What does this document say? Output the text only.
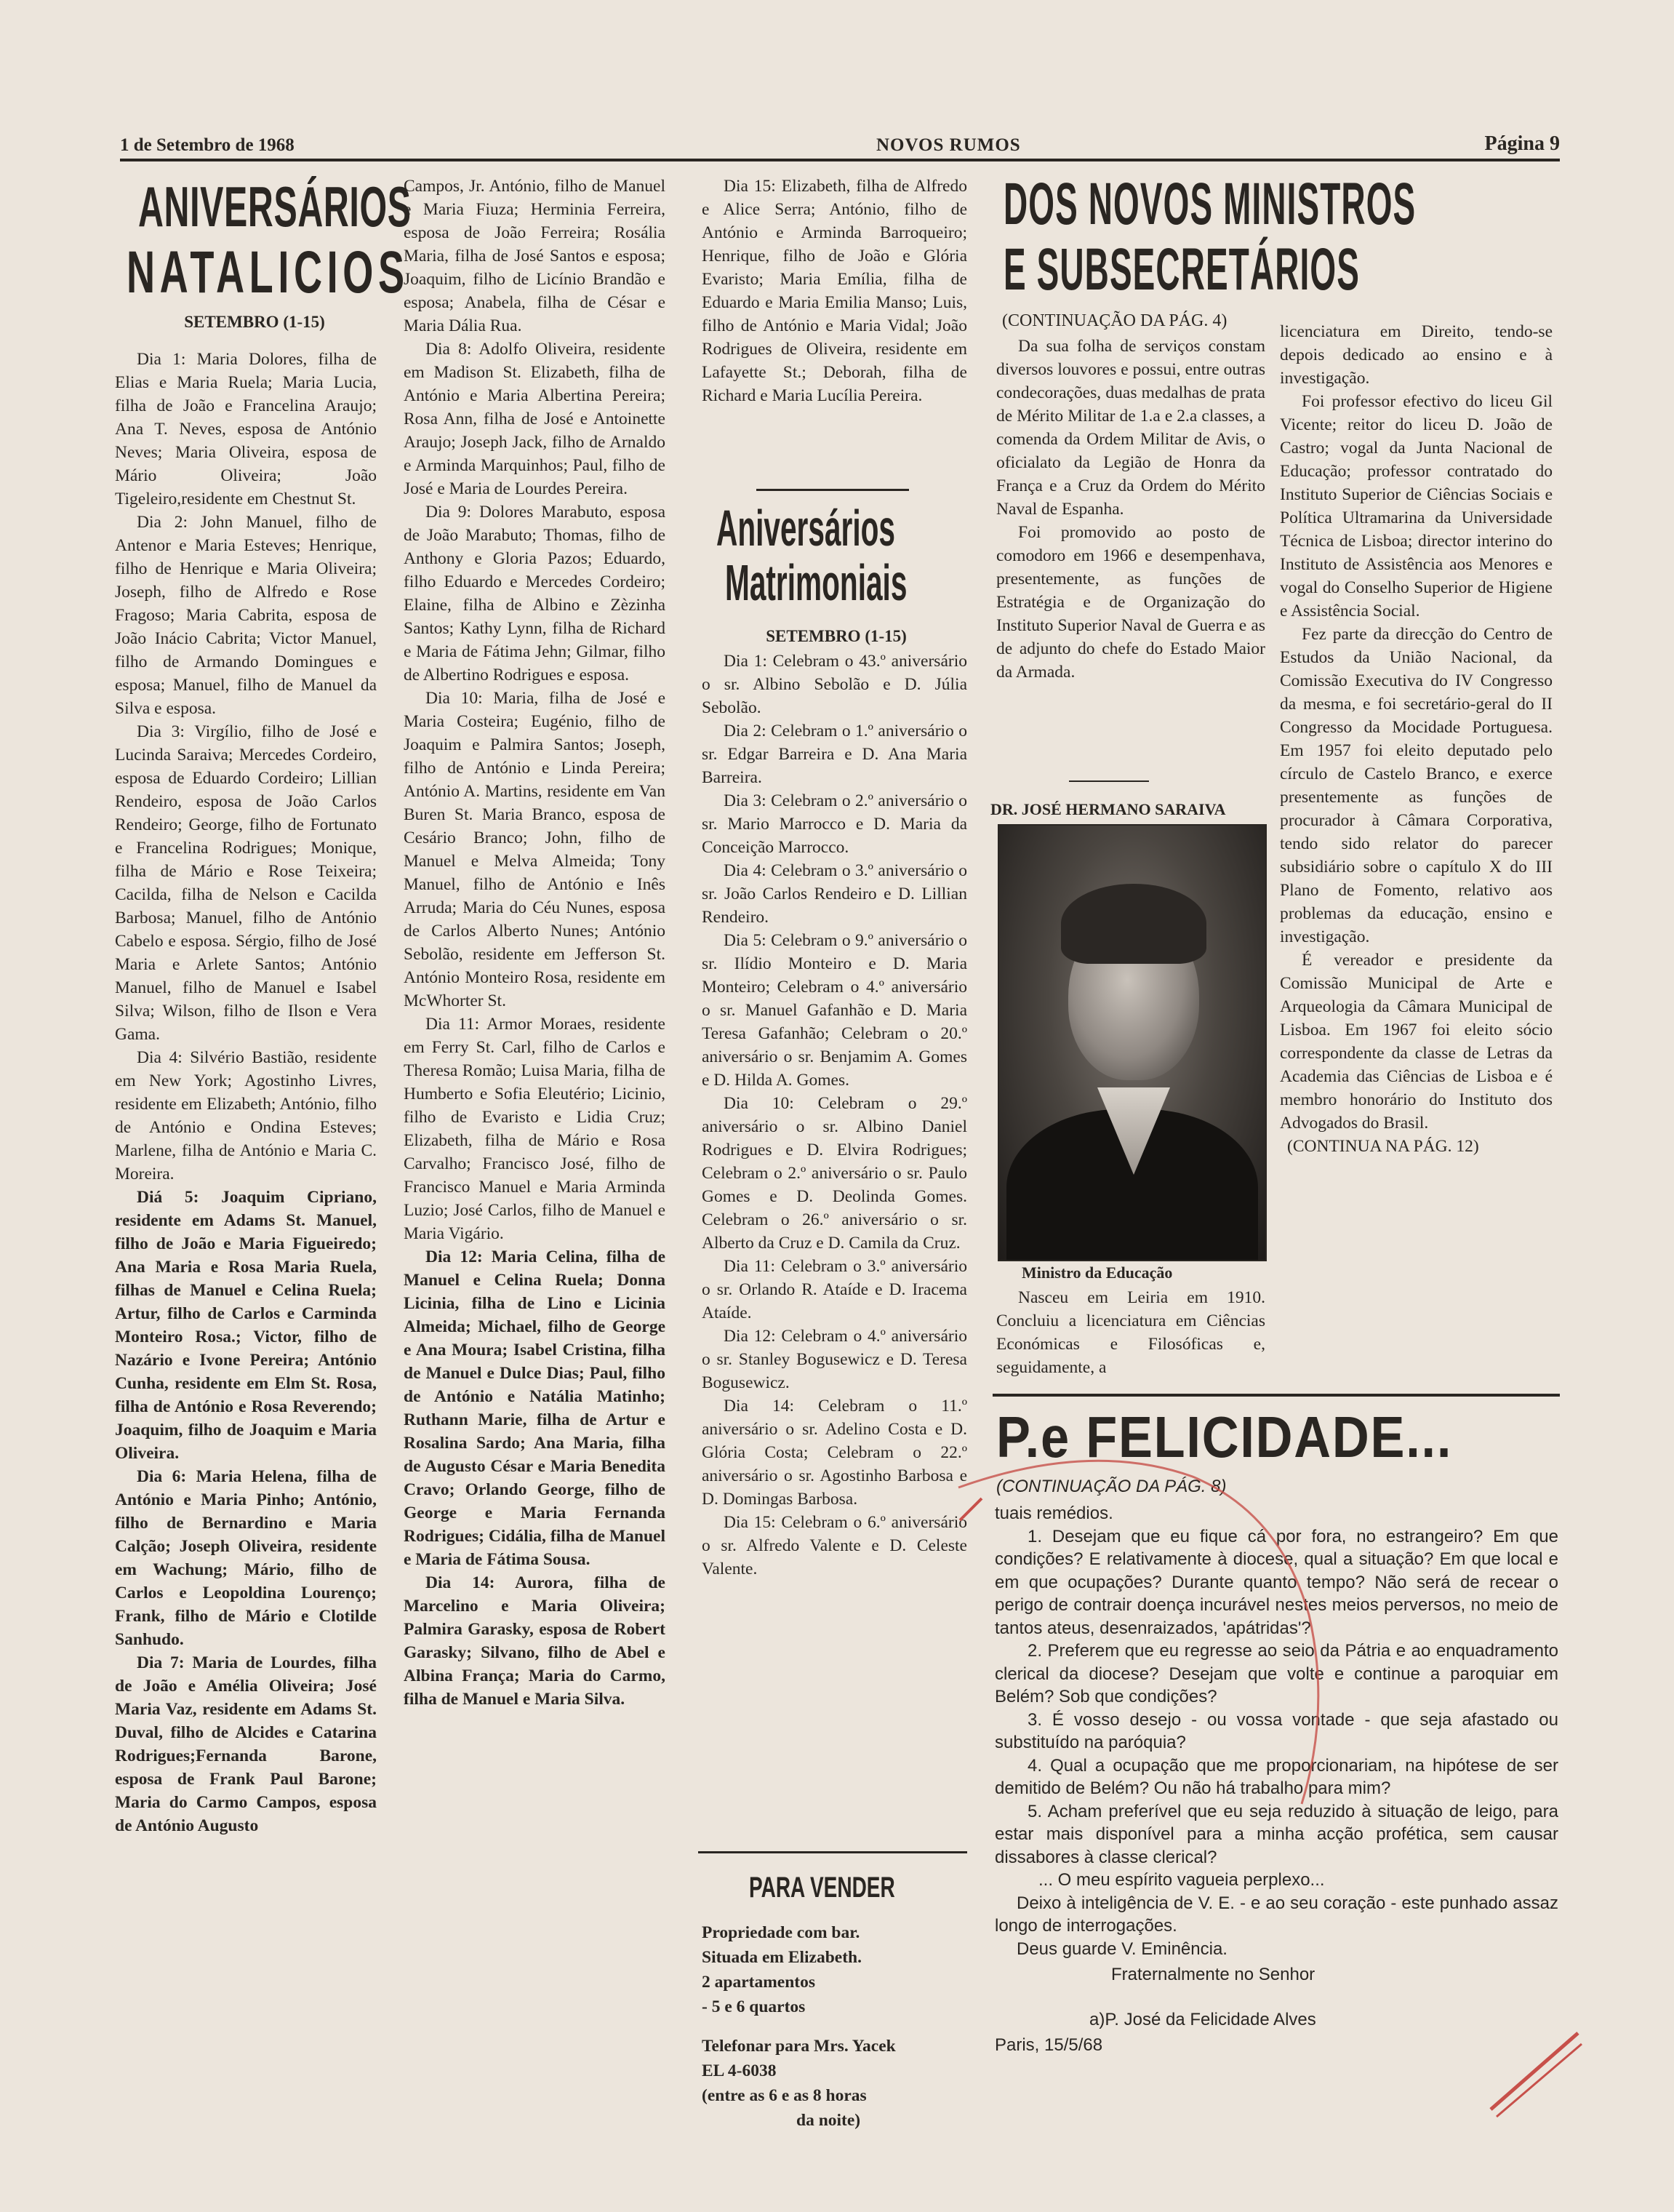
1 de Setembro de 1968	NOVOS RUMOS	Página 9
ANIVERSÁRIOS
NATALICIOS
SETEMBRO (1-15)

Dia 1: Maria Dolores, filha de Elias e Maria Ruela; Maria Lucia, filha de João e Francelina Araujo; Ana T. Neves, esposa de António Neves; Maria Oliveira, esposa de Mário Oliveira; João Tigeleiro,residente em Chestnut St.

Dia 2: John Manuel, filho de Antenor e Maria Esteves; Henrique, filho de Henrique e Maria Oliveira; Joseph, filho de Alfredo e Rose Fragoso; Maria Cabrita, esposa de João Inácio Cabrita; Victor Manuel, filho de Armando Domingues e esposa; Manuel, filho de Manuel da Silva e esposa.

Dia 3: Virgílio, filho de José e Lucinda Saraiva; Mercedes Cordeiro, esposa de Eduardo Cordeiro; Lillian Rendeiro, esposa de João Carlos Rendeiro; George, filho de Fortunato e Francelina Rodrigues; Monique, filha de Mário e Rose Teixeira; Cacilda, filha de Nelson e Cacilda Barbosa; Manuel, filho de António Cabelo e esposa. Sérgio, filho de José Maria e Arlete Santos; António Manuel, filho de Manuel e Isabel Silva; Wilson, filho de Ilson e Vera Gama.

Dia 4: Silvério Bastião, residente em New York; Agostinho Livres, residente em Elizabeth; António, filho de António e Ondina Esteves; Marlene, filha de António e Maria C. Moreira.

Diá 5: Joaquim Cipriano, residente em Adams St. Manuel, filho de João e Maria Figueiredo; Ana Maria e Rosa Maria Ruela, filhas de Manuel e Celina Ruela; Artur, filho de Carlos e Carminda Monteiro Rosa.; Victor, filho de Nazário e Ivone Pereira; António Cunha, residente em Elm St. Rosa, filha de António e Rosa Reverendo; Joaquim, filho de Joaquim e Maria Oliveira.

Dia 6: Maria Helena, filha de António e Maria Pinho; António, filho de Bernardino e Maria Calção; Joseph Oliveira, residente em Wachung; Mário, filho de Carlos e Leopoldina Lourenço; Frank, filho de Mário e Clotilde Sanhudo.

Dia 7: Maria de Lourdes, filha de João e Amélia Oliveira; José Maria Vaz, residente em Adams St. Duval, filho de Alcides e Catarina Rodrigues;Fernanda Barone, esposa de Frank Paul Barone; Maria do Carmo Campos, esposa de António Augusto

Campos, Jr. António, filho de Manuel e Maria Fiuza; Herminia Ferreira, esposa de João Ferreira; Rosália Maria, filha de José Santos e esposa; Joaquim, filho de Licínio Brandão e esposa; Anabela, filha de César e Maria Dália Rua.

Dia 8: Adolfo Oliveira, residente em Madison St. Elizabeth, filha de António e Maria Albertina Pereira; Rosa Ann, filha de José e Antoinette Araujo; Joseph Jack, filho de Arnaldo e Arminda Marquinhos; Paul, filho de José e Maria de Lourdes Pereira.

Dia 9: Dolores Marabuto, esposa de João Marabuto; Thomas, filho de Anthony e Gloria Pazos; Eduardo, filho Eduardo e Mercedes Cordeiro; Elaine, filha de Albino e Zèzinha Santos; Kathy Lynn, filha de Richard e Maria de Fátima Jehn; Gilmar, filho de Albertino Rodrigues e esposa.

Dia 10: Maria, filha de José e Maria Costeira; Eugénio, filho de Joaquim e Palmira Santos; Joseph, filho de António e Linda Pereira; António A. Martins, residente em Van Buren St. Maria Branco, esposa de Cesário Branco; John, filho de Manuel e Melva Almeida; Tony Manuel, filho de António e Inês Arruda; Maria do Céu Nunes, esposa de Carlos Alberto Nunes; António Sebolão, residente em Jefferson St. António Monteiro Rosa, residente em McWhorter St.

Dia 11: Armor Moraes, residente em Ferry St. Carl, filho de Carlos e Theresa Romão; Luisa Maria, filha de Humberto e Sofia Eleutério; Licinio, filho de Evaristo e Lidia Cruz; Elizabeth, filha de Mário e Rosa Carvalho; Francisco José, filho de Francisco Manuel e Maria Arminda Luzio; José Carlos, filho de Manuel e Maria Vigário.

Dia 12: Maria Celina, filha de Manuel e Celina Ruela; Donna Licinia, filha de Lino e Licinia Almeida; Michael, filho de George e Ana Moura; Isabel Cristina, filha de Manuel e Dulce Dias; Paul, filho de António e Natália Matinho; Ruthann Marie, filha de Artur e Rosalina Sardo; Ana Maria, filha de Augusto César e Maria Benedita Cravo; Orlando George, filho de George e Maria Fernanda Rodrigues; Cidália, filha de Manuel e Maria de Fátima Sousa.

Dia 14: Aurora, filha de Marcelino e Maria Oliveira; Palmira Garasky, esposa de Robert Garasky; Silvano, filho de Abel e Albina França; Maria do Carmo, filha de Manuel e Maria Silva.

Dia 15: Elizabeth, filha de Alfredo e Alice Serra; António, filho de António e Arminda Barroqueiro; Henrique, filho de João e Glória Evaristo; Maria Emília, filha de Eduardo e Maria Emilia Manso; Luis, filho de António e Maria Vidal; João Rodrigues de Oliveira, residente em Lafayette St.; Deborah, filha de Richard e Maria Lucília Pereira.

Aniversários
Matrimoniais
SETEMBRO (1-15)

Dia 1: Celebram o 43.º aniversário o sr. Albino Sebolão e D. Júlia Sebolão.

Dia 2: Celebram o 1.º aniversário o sr. Edgar Barreira e D. Ana Maria Barreira.

Dia 3: Celebram o 2.º aniversário o sr. Mario Marrocco e D. Maria da Conceição Marrocco.

Dia 4: Celebram o 3.º aniversário o sr. João Carlos Rendeiro e D. Lillian Rendeiro.

Dia 5: Celebram o 9.º aniversário o sr. Ilídio Monteiro e D. Maria Monteiro; Celebram o 4.º aniversário o sr. Manuel Gafanhão e D. Maria Teresa Gafanhão; Celebram o 20.º aniversário o sr. Benjamim A. Gomes e D. Hilda A. Gomes.

Dia 10: Celebram o 29.º aniversário o sr. Albino Daniel Rodrigues e D. Elvira Rodrigues; Celebram o 2.º aniversário o sr. Paulo Gomes e D. Deolinda Gomes. Celebram o 26.º aniversário o sr. Alberto da Cruz e D. Camila da Cruz.

Dia 11: Celebram o 3.º aniversário o sr. Orlando R. Ataíde e D. Iracema Ataíde.

Dia 12: Celebram o 4.º aniversário o sr. Stanley Bogusewicz e D. Teresa Bogusewicz.

Dia 14: Celebram o 11.º aniversário o sr. Adelino Costa e D. Glória Costa; Celebram o 22.º aniversário o sr. Agostinho Barbosa e D. Domingas Barbosa.

Dia 15: Celebram o 6.º aniversário o sr. Alfredo Valente e D. Celeste Valente.

PARA VENDER
Propriedade com bar.
Situada em Elizabeth.
2 apartamentos
- 5 e 6 quartos
Telefonar para Mrs. Yacek
EL 4-6038
(entre as 6 e as 8 horas
da noite)
DOS NOVOS MINISTROS
E SUBSECRETÁRIOS
(CONTINUAÇÃO DA PÁG. 4)

Da sua folha de serviços constam diversos louvores e possui, entre outras condecorações, duas medalhas de prata de Mérito Militar de 1.a e 2.a classes, a comenda da Ordem Militar de Avis, o oficialato da Legião de Honra da França e a Cruz da Ordem do Mérito Naval de Espanha.

Foi promovido ao posto de comodoro em 1966 e desempenhava, presentemente, as funções de Estratégia e de Organização do Instituto Superior Naval de Guerra e as de adjunto do chefe do Estado Maior da Armada.

DR. JOSÉ HERMANO SARAIVA
Ministro da Educação

Nasceu em Leiria em 1910. Concluiu a licenciatura em Ciências Económicas e Filosóficas e, seguidamente, a

licenciatura em Direito, tendo-se depois dedicado ao ensino e à investigação.

Foi professor efectivo do liceu Gil Vicente; reitor do liceu D. João de Castro; vogal da Junta Nacional de Educação; professor contratado do Instituto Superior de Ciências Sociais e Política Ultramarina da Universidade Técnica de Lisboa; director interino do Instituto de Assistência aos Menores e vogal do Conselho Superior de Higiene e Assistência Social.

Fez parte da direcção do Centro de Estudos da União Nacional, da Comissão Executiva do IV Congresso da mesma, e foi secretário-geral do II Congresso da Mocidade Portuguesa. Em 1957 foi eleito deputado pelo círculo de Castelo Branco, e exerce presentemente as funções de procurador à Câmara Corporativa, tendo sido relator do parecer subsidiário sobre o capítulo X do III Plano de Fomento, relativo aos problemas da educação, ensino e investigação.

É vereador e presidente da Comissão Municipal de Arte e Arqueologia da Câmara Municipal de Lisboa. Em 1967 foi eleito sócio correspondente da classe de Letras da Academia das Ciências de Lisboa e é membro honorário do Instituto dos Advogados do Brasil.

(CONTINUA NA PÁG. 12)
P.e FELICIDADE...
(CONTINUAÇÃO DA PÁG. 8)
tuais remédios.

1. Desejam que eu fique cá por fora, no estrangeiro? Em que condições? E relativamente à diocese, qual a situação? Em que local e em que ocupações? Durante quanto tempo? Não será de recear o perigo de contrair doença incurável nestes meios perversos, no meio de tantos ateus, desenraizados, 'apátridas'?

2. Preferem que eu regresse ao seio da Pátria e ao enquadramento clerical da diocese? Desejam que volte e continue a paroquiar em Belém? Sob que condições?

3. É vosso desejo - ou vossa vontade - que seja afastado ou substituído na paróquia?

4. Qual a ocupação que me proporcionariam, na hipótese de ser demitido de Belém? Ou não há trabalho para mim?

5. Acham preferível que eu seja reduzido à situação de leigo, para estar mais disponível para a minha acção profética, sem causar dissabores à classe clerical?

... O meu espírito vagueia perplexo...

Deixo à inteligência de V. E. - e ao seu coração - este punhado assaz longo de interrogações.

Deus guarde V. Eminência.

Fraternalmente no Senhor
a)P. José da Felicidade Alves
Paris, 15/5/68
